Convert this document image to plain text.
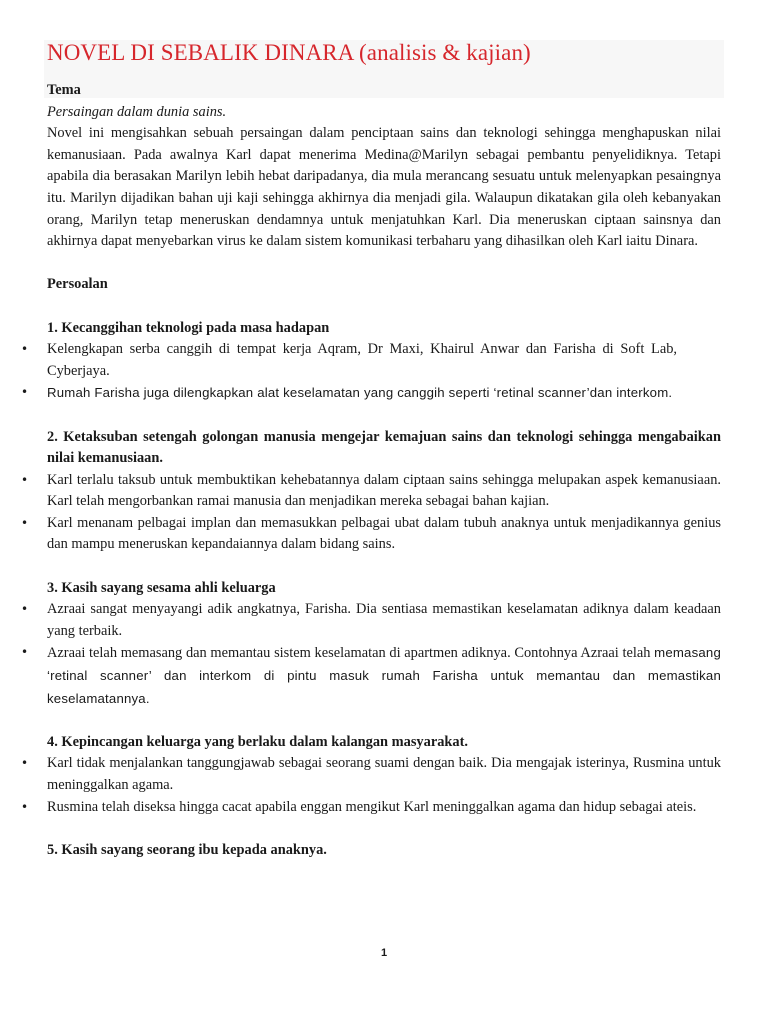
NOVEL DI SEBALIK DINARA (analisis & kajian)

Tema

Persaingan dalam dunia sains.

Novel ini mengisahkan sebuah persaingan dalam penciptaan sains dan teknologi sehingga menghapuskan nilai kemanusiaan. Pada awalnya Karl dapat menerima Medina@Marilyn sebagai pembantu penyelidiknya. Tetapi apabila dia berasakan Marilyn lebih hebat daripadanya, dia mula merancang sesuatu untuk melenyapkan pesaingnya itu. Marilyn dijadikan bahan uji kaji sehingga akhirnya dia menjadi gila. Walaupun dikatakan gila oleh kebanyakan orang, Marilyn tetap meneruskan dendamnya untuk menjatuhkan Karl. Dia meneruskan ciptaan sainsnya dan akhirnya dapat menyebarkan virus ke dalam sistem komunikasi terbaharu yang dihasilkan oleh Karl iaitu Dinara.

Persoalan

1. Kecanggihan teknologi pada masa hadapan

• Kelengkapan serba canggih di tempat kerja Aqram, Dr Maxi, Khairul Anwar dan Farisha di Soft Lab,Cyberjaya.
• Rumah Farisha juga dilengkapkan alat keselamatan yang canggih seperti ‘retinal scanner’dan interkom.

2. Ketaksuban setengah golongan manusia mengejar kemajuan sains dan teknologi sehingga mengabaikan nilai kemanusiaan.

• Karl terlalu taksub untuk membuktikan kehebatannya dalam ciptaan sains sehingga melupakan aspek kemanusiaan. Karl telah mengorbankan ramai manusia dan menjadikan mereka sebagai bahan kajian.
• Karl menanam pelbagai implan dan memasukkan pelbagai ubat dalam tubuh anaknya untuk menjadikannya genius dan mampu meneruskan kepandaiannya dalam bidang sains.

3. Kasih sayang sesama ahli keluarga

• Azraai sangat menyayangi adik angkatnya, Farisha. Dia sentiasa memastikan keselamatan adiknya dalam keadaan yang terbaik.
• Azraai telah memasang dan memantau sistem keselamatan di apartmen adiknya. Contohnya Azraai telah memasang ‘retinal scanner’ dan interkom di pintu masuk rumah Farisha untuk memantau dan memastikan keselamatannya.

4. Kepincangan keluarga yang berlaku dalam kalangan masyarakat.

• Karl tidak menjalankan tanggungjawab sebagai seorang suami dengan baik. Dia mengajak isterinya, Rusmina untuk meninggalkan agama.
• Rusmina telah diseksa hingga cacat apabila enggan mengikut Karl meninggalkan agama dan hidup sebagai ateis.

5. Kasih sayang seorang ibu kepada anaknya.

1
